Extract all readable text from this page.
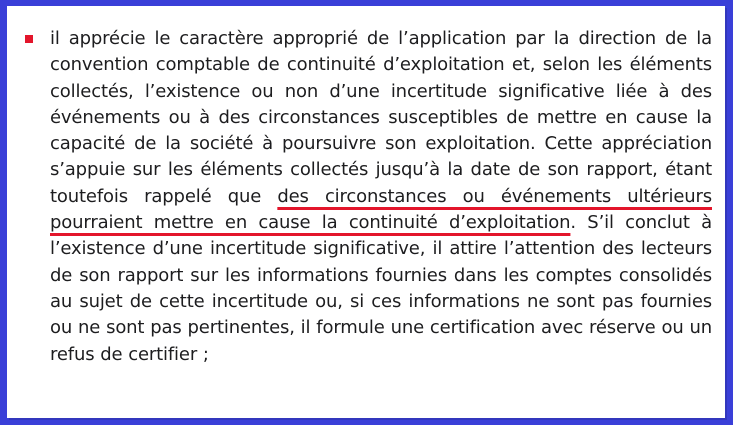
il apprécie le caractère approprié de l’application par la direction de la convention comptable de continuité d’exploitation et, selon les éléments collectés, l’existence ou non d’une incertitude significative liée à des événements ou à des circonstances susceptibles de mettre en cause la capacité de la société à poursuivre son exploitation. Cette appréciation s’appuie sur les éléments collectés jusqu’à la date de son rapport, étant toutefois rappelé que des circonstances ou événements ultérieurs pourraient mettre en cause la continuité d’exploitation. S’il conclut à l’existence d’une incertitude significative, il attire l’attention des lecteurs de son rapport sur les informations fournies dans les comptes consolidés au sujet de cette incertitude ou, si ces informations ne sont pas fournies ou ne sont pas pertinentes, il formule une certification avec réserve ou un refus de certifier ;
